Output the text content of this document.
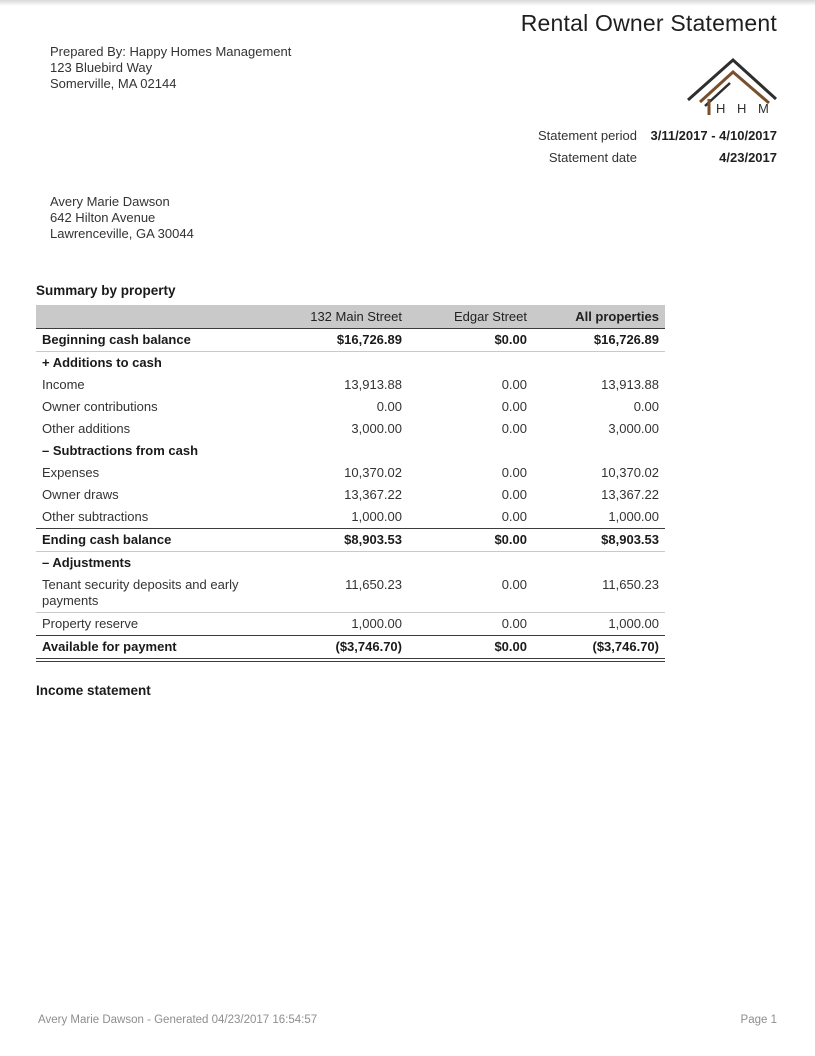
Rental Owner Statement
Prepared By: Happy Homes Management
123 Bluebird Way
Somerville, MA 02144
H H M
Statement period	3/11/2017 - 4/10/2017
Statement date	4/23/2017
Avery Marie Dawson
642 Hilton Avenue
Lawrenceville, GA 30044
Summary by property
	132 Main Street	Edgar Street	All properties
Beginning cash balance	$16,726.89	$0.00	$16,726.89
+ Additions to cash			
Income	13,913.88	0.00	13,913.88
Owner contributions	0.00	0.00	0.00
Other additions	3,000.00	0.00	3,000.00
– Subtractions from cash			
Expenses	10,370.02	0.00	10,370.02
Owner draws	13,367.22	0.00	13,367.22
Other subtractions	1,000.00	0.00	1,000.00
Ending cash balance	$8,903.53	$0.00	$8,903.53
– Adjustments			
Tenant security deposits and early payments	11,650.23	0.00	11,650.23
Property reserve	1,000.00	0.00	1,000.00
Available for payment	($3,746.70)	$0.00	($3,746.70)
Income statement
Avery Marie Dawson - Generated 04/23/2017 16:54:57	Page 1
